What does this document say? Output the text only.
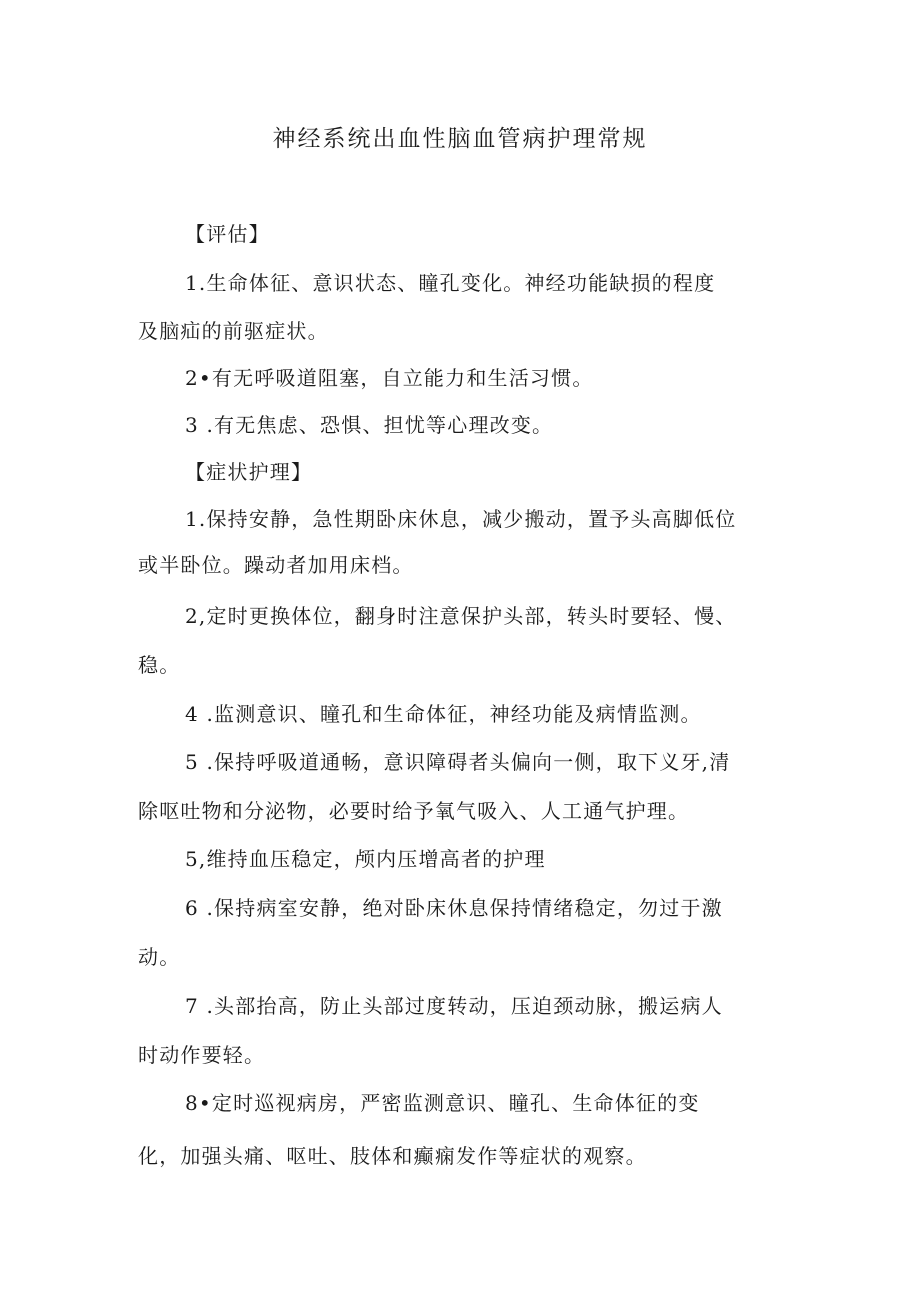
神经系统出血性脑血管病护理常规

【评估】

1.生命体征、意识状态、瞳孔变化。神经功能缺损的程度

及脑疝的前驱症状。

2•有无呼吸道阻塞，自立能力和生活习惯。

3 .有无焦虑、恐惧、担忧等心理改变。

【症状护理】

1.保持安静，急性期卧床休息，减少搬动，置予头高脚低位

或半卧位。躁动者加用床档。

2,定时更换体位，翻身时注意保护头部，转头时要轻、慢、

稳。

4 .监测意识、瞳孔和生命体征，神经功能及病情监测。

5 .保持呼吸道通畅，意识障碍者头偏向一侧，取下义牙,清

除呕吐物和分泌物，必要时给予氧气吸入、人工通气护理。

5,维持血压稳定，颅内压增高者的护理

6 .保持病室安静，绝对卧床休息保持情绪稳定，勿过于激

动。

7 .头部抬高，防止头部过度转动，压迫颈动脉，搬运病人

时动作要轻。

8•定时巡视病房，严密监测意识、瞳孔、生命体征的变

化，加强头痛、呕吐、肢体和癫痫发作等症状的观察。
